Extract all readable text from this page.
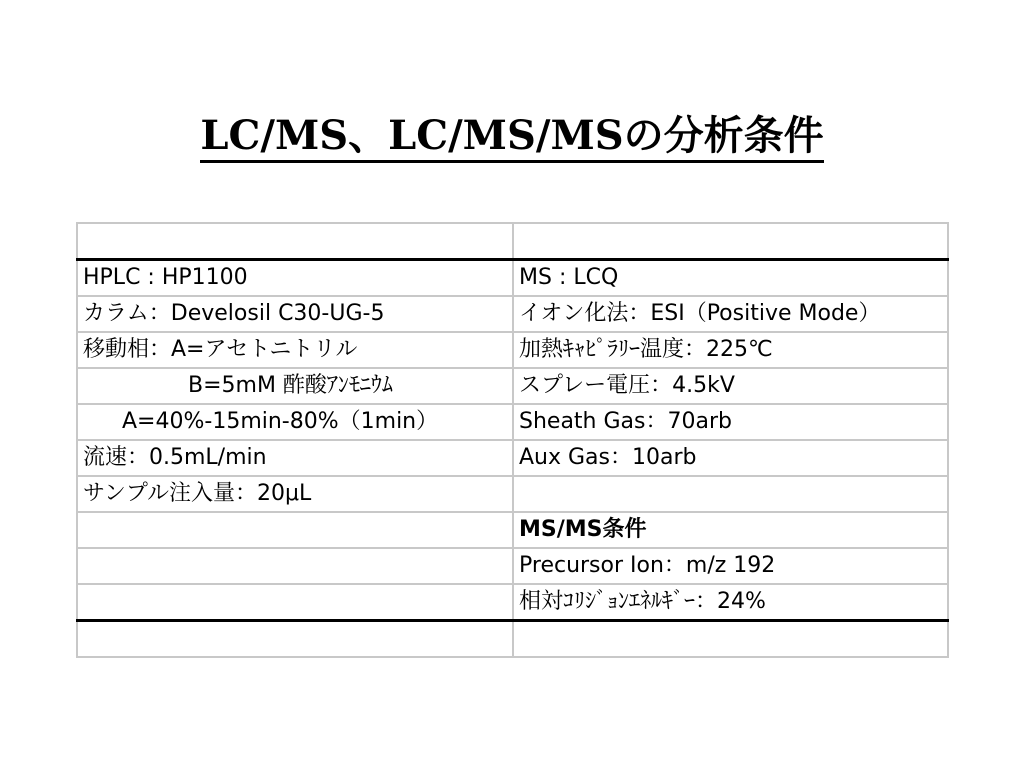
LC/MS、LC/MS/MSの分析条件

HPLC : HP1100	MS : LCQ
カラム：Develosil C30-UG-5	イオン化法：ESI（Positive Mode）
移動相：A=アセトニトリル	加熱ｷｬﾋﾟﾗﾘｰ温度：225℃
B=5mM 酢酸ｱﾝﾓﾆｳﾑ	スプレー電圧：4.5kV
A=40%-15min-80%（1min）	Sheath Gas：70arb
流速：0.5mL/min	Aux Gas：10arb
サンプル注入量：20μL	
	MS/MS条件
	Precursor Ion：m/z 192
	相対ｺﾘｼﾞｮﾝｴﾈﾙｷﾞｰ：24%
